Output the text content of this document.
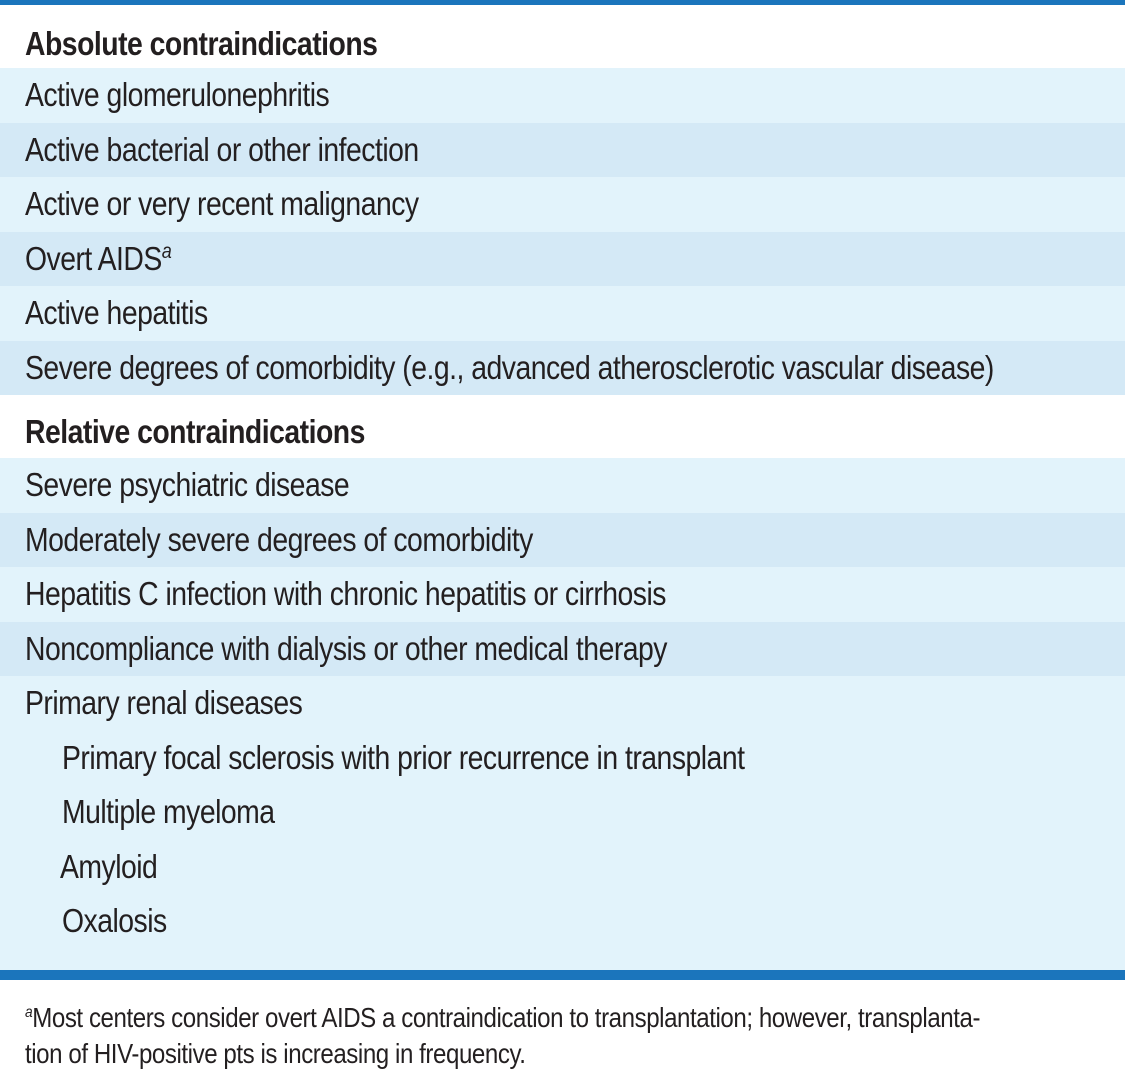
Absolute contraindications
Active glomerulonephritis
Active bacterial or other infection
Active or very recent malignancy
Overt AIDS$^a$
Active hepatitis
Severe degrees of comorbidity (e.g., advanced atherosclerotic vascular disease)
Relative contraindications
Severe psychiatric disease
Moderately severe degrees of comorbidity
Hepatitis C infection with chronic hepatitis or cirrhosis
Noncompliance with dialysis or other medical therapy
Primary renal diseases
Primary focal sclerosis with prior recurrence in transplant
Multiple myeloma
Amyloid
Oxalosis
$^a$Most centers consider overt AIDS a contraindication to transplantation; however, transplanta-
tion of HIV-positive pts is increasing in frequency.
